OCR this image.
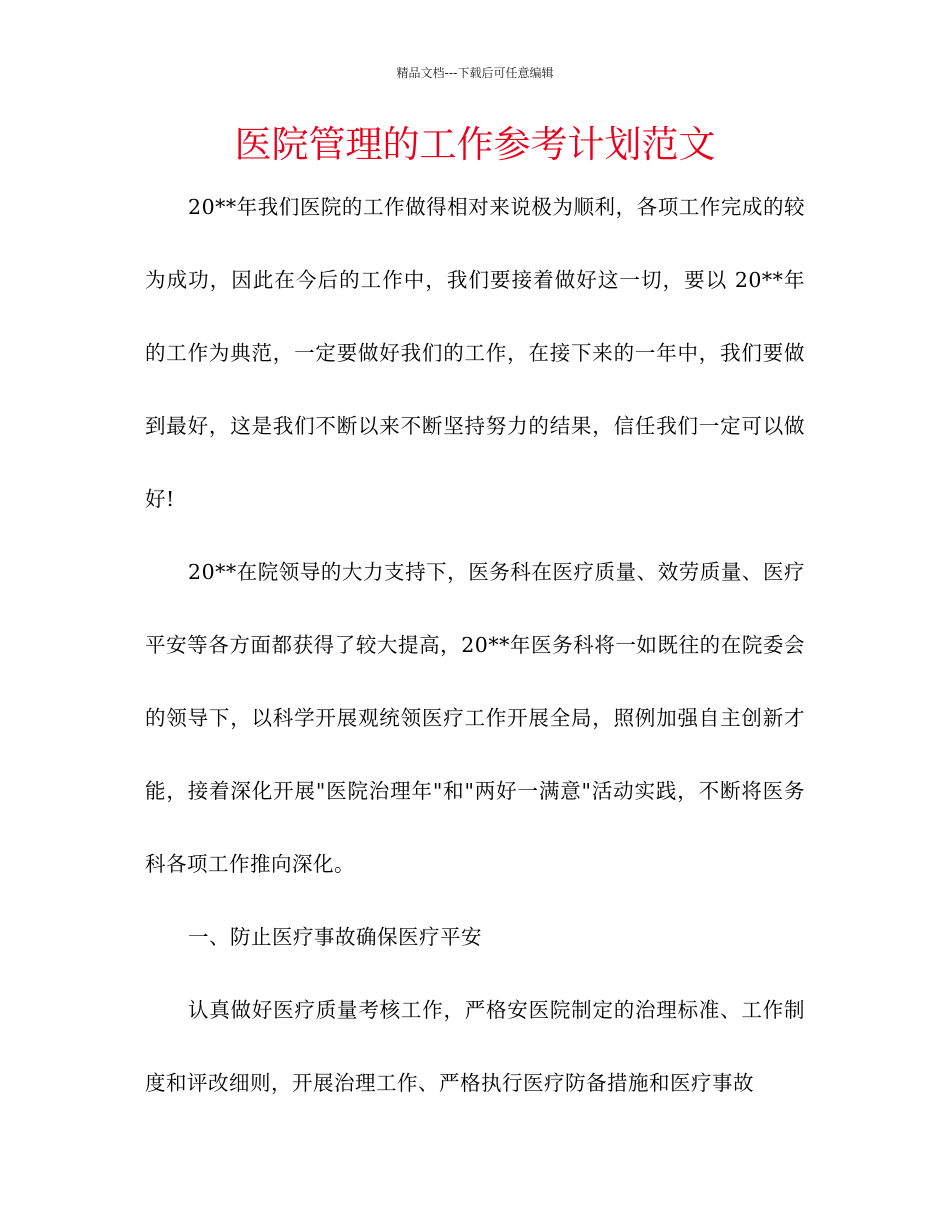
精品文档---下载后可任意编辑
医院管理的工作参考计划范文

20**年我们医院的工作做得相对来说极为顺利，各项工作完成的较为成功，因此在今后的工作中，我们要接着做好这一切，要以 20**年的工作为典范，一定要做好我们的工作，在接下来的一年中，我们要做到最好，这是我们不断以来不断坚持努力的结果，信任我们一定可以做好!

20**在院领导的大力支持下，医务科在医疗质量、效劳质量、医疗平安等各方面都获得了较大提高，20**年医务科将一如既往的在院委会的领导下，以科学开展观统领医疗工作开展全局，照例加强自主创新才能，接着深化开展"医院治理年"和"两好一满意"活动实践，不断将医务科各项工作推向深化。

一、防止医疗事故确保医疗平安

认真做好医疗质量考核工作，严格安医院制定的治理标准、工作制度和评改细则，开展治理工作、严格执行医疗防备措施和医疗事故
